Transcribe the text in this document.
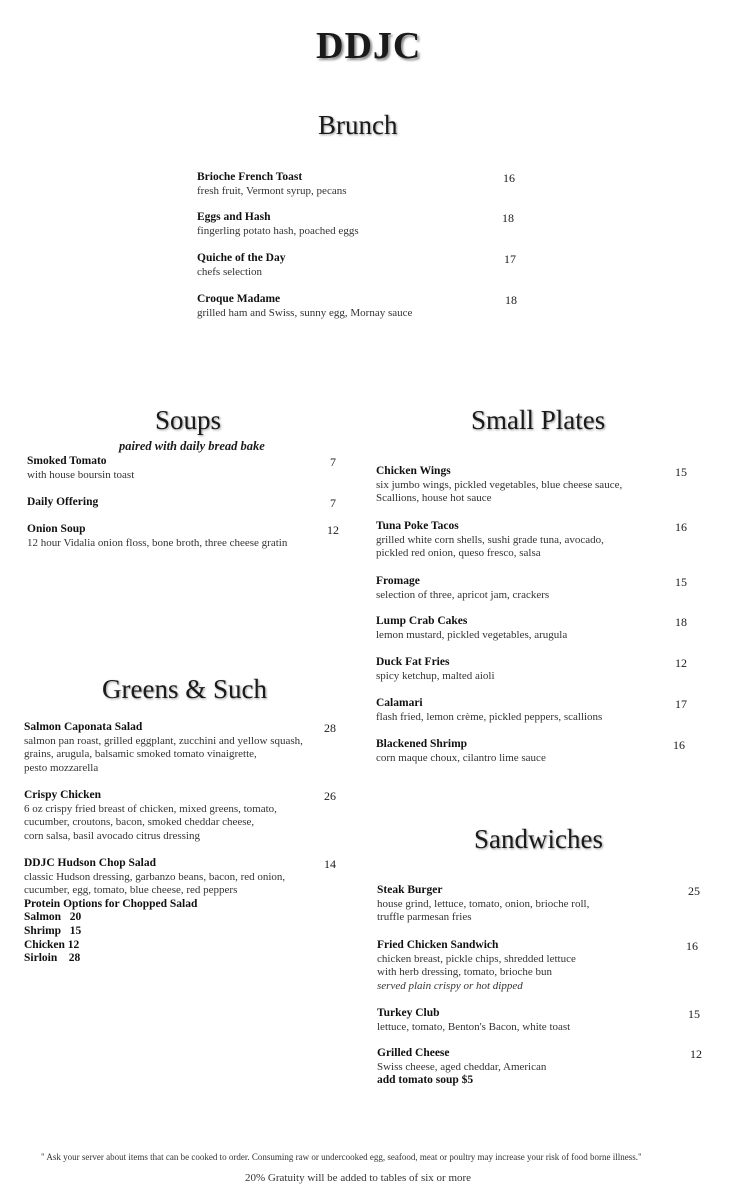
DDJC
Brunch
Brioche French Toast
fresh fruit, Vermont syrup, pecans
16
Eggs and Hash
fingerling potato hash, poached eggs
18
Quiche of the Day
chefs selection
17
Croque Madame
grilled ham and Swiss, sunny egg, Mornay sauce
18
Soups
paired with daily bread bake
Smoked Tomato
with house boursin toast
7
Daily Offering	7
Onion Soup
12 hour Vidalia onion floss, bone broth, three cheese gratin
12
Greens & Such
Salmon Caponata Salad
salmon pan roast, grilled eggplant, zucchini and yellow squash,
grains, arugula, balsamic smoked tomato vinaigrette,
pesto mozzarella
28
Crispy Chicken
6 oz crispy fried breast of chicken, mixed greens, tomato,
cucumber, croutons, bacon, smoked cheddar cheese,
corn salsa, basil avocado citrus dressing
26
DDJC Hudson Chop Salad
classic Hudson dressing, garbanzo beans, bacon, red onion,
cucumber, egg, tomato, blue cheese, red peppers
Protein Options for Chopped Salad
Salmon   20
Shrimp   15
Chicken 12
Sirloin    28
14
Small Plates
Chicken Wings
six jumbo wings, pickled vegetables, blue cheese sauce,
Scallions, house hot sauce
15
Tuna Poke Tacos
grilled white corn shells, sushi grade tuna, avocado,
pickled red onion, queso fresco, salsa
16
Fromage
selection of three, apricot jam, crackers
15
Lump Crab Cakes
lemon mustard, pickled vegetables, arugula
18
Duck Fat Fries
spicy ketchup, malted aioli
12
Calamari
flash fried, lemon crème, pickled peppers, scallions
17
Blackened Shrimp
corn maque choux, cilantro lime sauce
16
Sandwiches
Steak Burger
house grind, lettuce, tomato, onion, brioche roll,
truffle parmesan fries
25
Fried Chicken Sandwich
chicken breast, pickle chips, shredded lettuce
with herb dressing, tomato, brioche bun
served plain crispy or hot dipped
16
Turkey Club
lettuce, tomato, Benton's Bacon, white toast
15
Grilled Cheese
Swiss cheese, aged cheddar, American
add tomato soup $5
12
" Ask your server about items that can be cooked to order. Consuming raw or undercooked egg, seafood, meat or poultry may increase your risk of food borne illness."
20% Gratuity will be added to tables of six or more
